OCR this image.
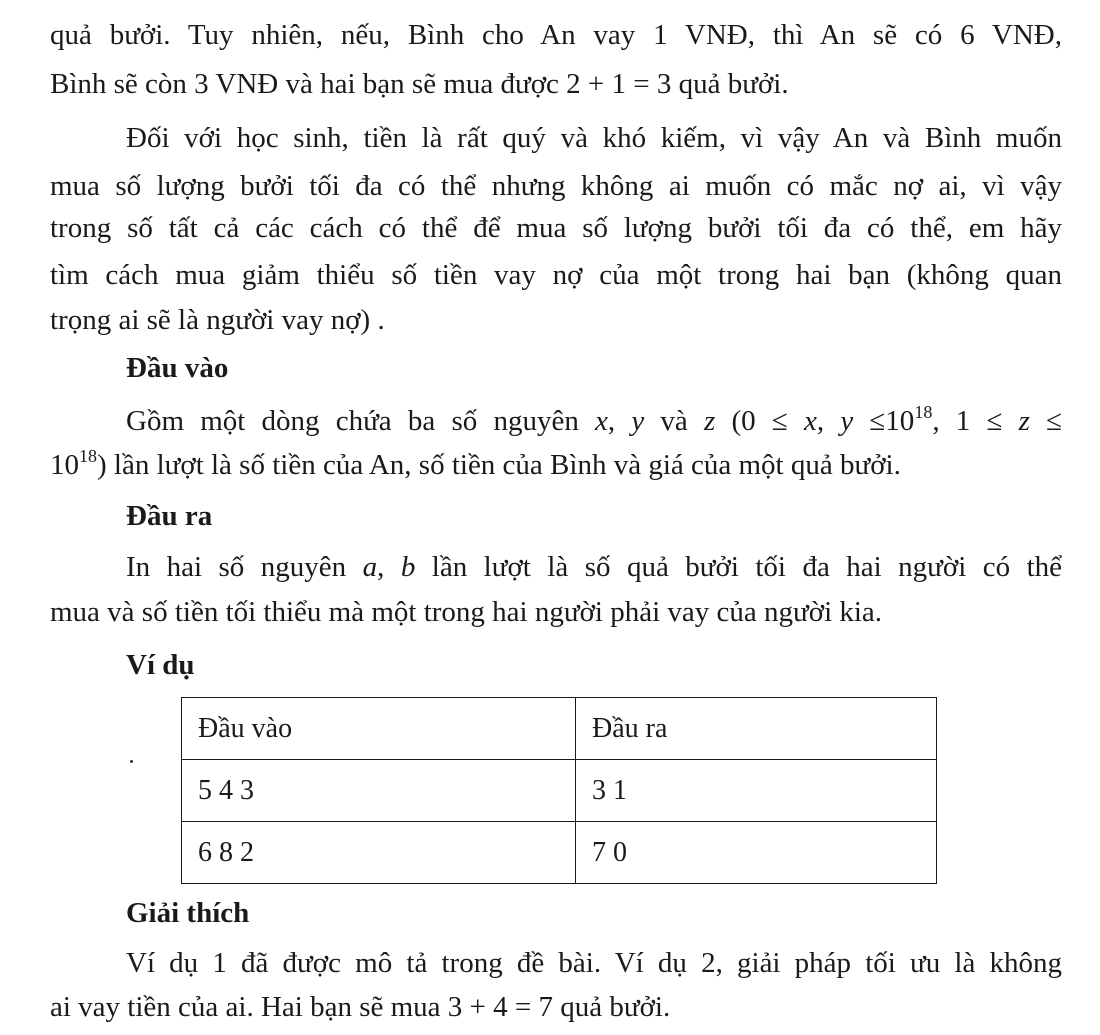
quả bưởi. Tuy nhiên, nếu, Bình cho An vay 1 VNĐ, thì An sẽ có 6 VNĐ,
Bình sẽ còn 3 VNĐ và hai bạn sẽ mua được 2 + 1 = 3 quả bưởi.
Đối với học sinh, tiền là rất quý và khó kiếm, vì vậy An và Bình muốn
mua số lượng bưởi tối đa có thể nhưng không ai muốn có mắc nợ ai, vì vậy
trong số tất cả các cách có thể để mua số lượng bưởi tối đa có thể, em hãy
tìm cách mua giảm thiểu số tiền vay nợ của một trong hai bạn (không quan
trọng ai sẽ là người vay nợ) .
Đầu vào
Gồm một dòng chứa ba số nguyên x, y và z (0 ≤ x, $y \le 10^{18}$, 1 ≤ z ≤
$10^{18}$) lần lượt là số tiền của An, số tiền của Bình và giá của một quả bưởi.
Đầu ra
In hai số nguyên a, b lần lượt là số quả bưởi tối đa hai người có thể
mua và số tiền tối thiểu mà một trong hai người phải vay của người kia.
Ví dụ
Đầu vào	Đầu ra
5 4 3	3 1
6 8 2	7 0
Giải thích
Ví dụ 1 đã được mô tả trong đề bài. Ví dụ 2, giải pháp tối ưu là không
ai vay tiền của ai. Hai bạn sẽ mua 3 + 4 = 7 quả bưởi.
